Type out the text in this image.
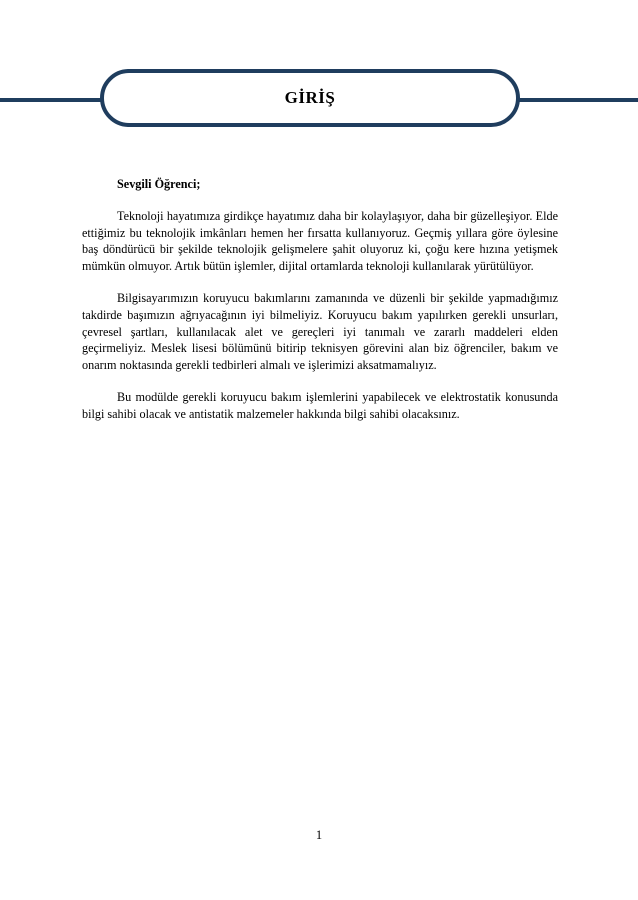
GİRİŞ

Sevgili Öğrenci;

Teknoloji hayatımıza girdikçe hayatımız daha bir kolaylaşıyor, daha bir güzelleşiyor. Elde ettiğimiz bu teknolojik imkânları hemen her fırsatta kullanıyoruz. Geçmiş yıllara göre öylesine baş döndürücü bir şekilde teknolojik gelişmelere şahit oluyoruz ki, çoğu kere hızına yetişmek mümkün olmuyor. Artık bütün işlemler, dijital ortamlarda teknoloji kullanılarak yürütülüyor.

Bilgisayarımızın koruyucu bakımlarını zamanında ve düzenli bir şekilde yapmadığımız takdirde başımızın ağrıyacağının iyi bilmeliyiz. Koruyucu bakım yapılırken gerekli unsurları, çevresel şartları, kullanılacak alet ve gereçleri iyi tanımalı ve zararlı maddeleri elden geçirmeliyiz. Meslek lisesi bölümünü bitirip teknisyen görevini alan biz öğrenciler, bakım ve onarım noktasında gerekli tedbirleri almalı ve işlerimizi aksatmamalıyız.

Bu modülde gerekli koruyucu bakım işlemlerini yapabilecek ve elektrostatik konusunda bilgi sahibi olacak ve antistatik malzemeler hakkında bilgi sahibi olacaksınız.

1
